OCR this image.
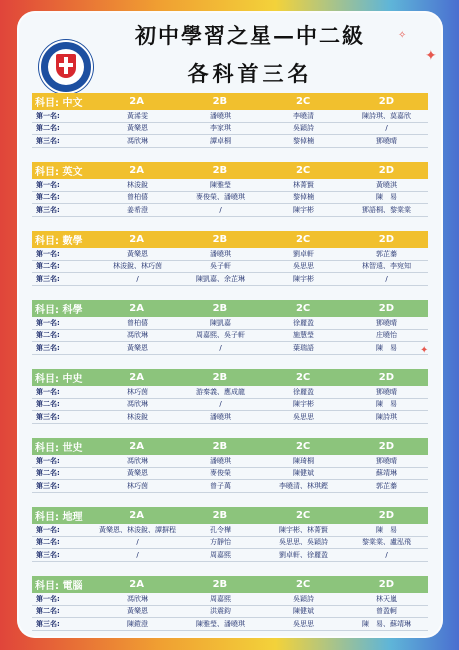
初中學習之星—中二級
各科首三名
✦
✧
✦
科目: 中文	2A	2B	2C	2D
第一名:	黃浠雯	潘曉琪	李曉清	陳詩琪、莫嘉欣
第二名:	黃樂恩	李家琪	吳穎詩	/
第三名:	馮欣琳	譚卓桐	黎倬楠	鄧曉晴
科目: 英文	2A	2B	2C	2D
第一名:	林浚銳	陳雅瑩	林菁賢	黃曉淇
第二名:	曾柏僖	麥俊榮、潘曉琪	黎倬楠	陳　易
第三名:	姜希澄	/	陳宇彬	鄧語桐、黎棠棠
科目: 數學	2A	2B	2C	2D
第一名:	黃樂恩	潘曉琪	劉卓軒	郭芷蓁
第二名:	林浚銳、林巧茵	吳子軒	吳思思	林智遠、李宛知
第三名:	/	陳凱嘉、余芷琳	陳宇彬	/
科目: 科學	2A	2B	2C	2D
第一名:	曾柏僖	陳凱嘉	徐麗盈	鄧曉晴
第二名:	馮欣琳	周嘉熙、吳子軒	施慧瑩	庄曉怡
第三名:	黃樂恩	/	葉瑞語	陳　易
科目: 中史	2A	2B	2C	2D
第一名:	林巧茵	游秦義、應成龍	徐麗盈	鄧曉晴
第二名:	馮欣琳	/	陳宇彬	陳　易
第三名:	林浚銳	潘曉琪	吳思思	陳詩琪
科目: 世史	2A	2B	2C	2D
第一名:	馮欣琳	潘曉琪	陳琦桐	鄧曉晴
第二名:	黃樂恩	麥俊榮	陳健斌	蘇靖琳
第三名:	林巧茵	曾子萬	李曉清、林琪鏗	郭芷蓁
科目: 地理	2A	2B	2C	2D
第一名:	黃樂恩、林浚銳、譚摒程	孔令樺	陳宇彬、林菁賢	陳　易
第二名:	/	方靜怡	吳思思、吳穎詩	黎棠棠、盧泓飛
第三名:	/	周嘉熙	劉卓軒、徐麗盈	/
科目: 電腦	2A	2B	2C	2D
第一名:	馮欣琳	周嘉熙	吳穎詩	林天嵐
第二名:	黃樂恩	洪震鈞	陳健斌	曾盈軻
第三名:	陳鎧澄	陳雅瑩、潘曉琪	吳思思	陳　易、蘇靖琳
